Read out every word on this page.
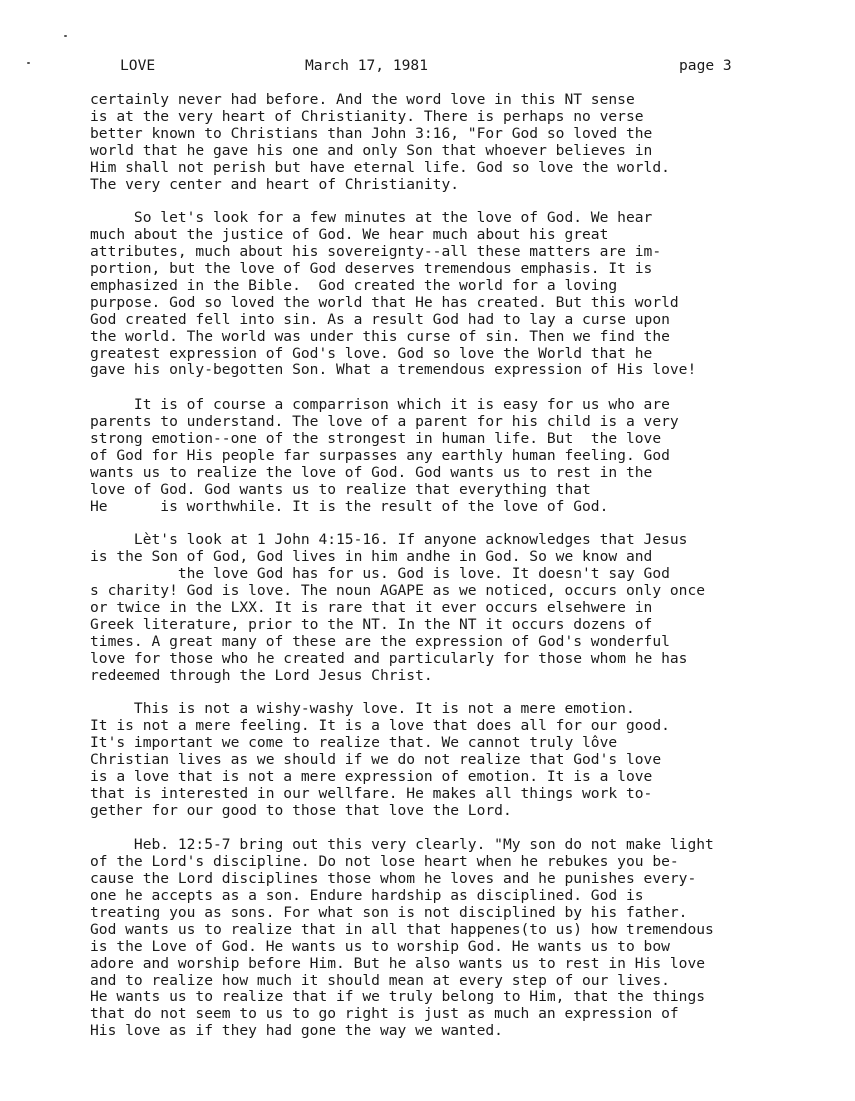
LOVE	March 17, 1981	page 3
certainly never had before. And the word love in this NT sense
is at the very heart of Christianity. There is perhaps no verse
better known to Christians than John 3:16, "For God so loved the
world that he gave his one and only Son that whoever believes in
Him shall not perish but have eternal life. God so love the world.
The very center and heart of Christianity.
So let's look for a few minutes at the love of God. We hear
much about the justice of God. We hear much about his great
attributes, much about his sovereignty--all these matters are im-
portion, but the love of God deserves tremendous emphasis. It is
emphasized in the Bible.  God created the world for a loving
purpose. God so loved the world that He has created. But this world
God created fell into sin. As a result God had to lay a curse upon
the world. The world was under this curse of sin. Then we find the
greatest expression of God's love. God so love the World that he
gave his only-begotten Son. What a tremendous expression of His love!
It is of course a comparrison which it is easy for us who are
parents to understand. The love of a parent for his child is a very
strong emotion--one of the strongest in human life. But  the love
of God for His people far surpasses any earthly human feeling. God
wants us to realize the love of God. God wants us to rest in the
love of God. God wants us to realize that everything that
He      is worthwhile. It is the result of the love of God.
Lèt's look at 1 John 4:15-16. If anyone acknowledges that Jesus
is the Son of God, God lives in him andhe in God. So we know and
the love God has for us. God is love. It doesn't say God
s charity! God is love. The noun AGAPE as we noticed, occurs only once
or twice in the LXX. It is rare that it ever occurs elsehwere in
Greek literature, prior to the NT. In the NT it occurs dozens of
times. A great many of these are the expression of God's wonderful
love for those who he created and particularly for those whom he has
redeemed through the Lord Jesus Christ.
This is not a wishy-washy love. It is not a mere emotion.
It is not a mere feeling. It is a love that does all for our good.
It's important we come to realize that. We cannot truly lôve
Christian lives as we should if we do not realize that God's love
is a love that is not a mere expression of emotion. It is a love
that is interested in our wellfare. He makes all things work to-
gether for our good to those that love the Lord.
Heb. 12:5-7 bring out this very clearly. "My son do not make light
of the Lord's discipline. Do not lose heart when he rebukes you be-
cause the Lord disciplines those whom he loves and he punishes every-
one he accepts as a son. Endure hardship as disciplined. God is
treating you as sons. For what son is not disciplined by his father.
God wants us to realize that in all that happenes(to us) how tremendous
is the Love of God. He wants us to worship God. He wants us to bow
adore and worship before Him. But he also wants us to rest in His love
and to realize how much it should mean at every step of our lives.
He wants us to realize that if we truly belong to Him, that the things
that do not seem to us to go right is just as much an expression of
His love as if they had gone the way we wanted.
